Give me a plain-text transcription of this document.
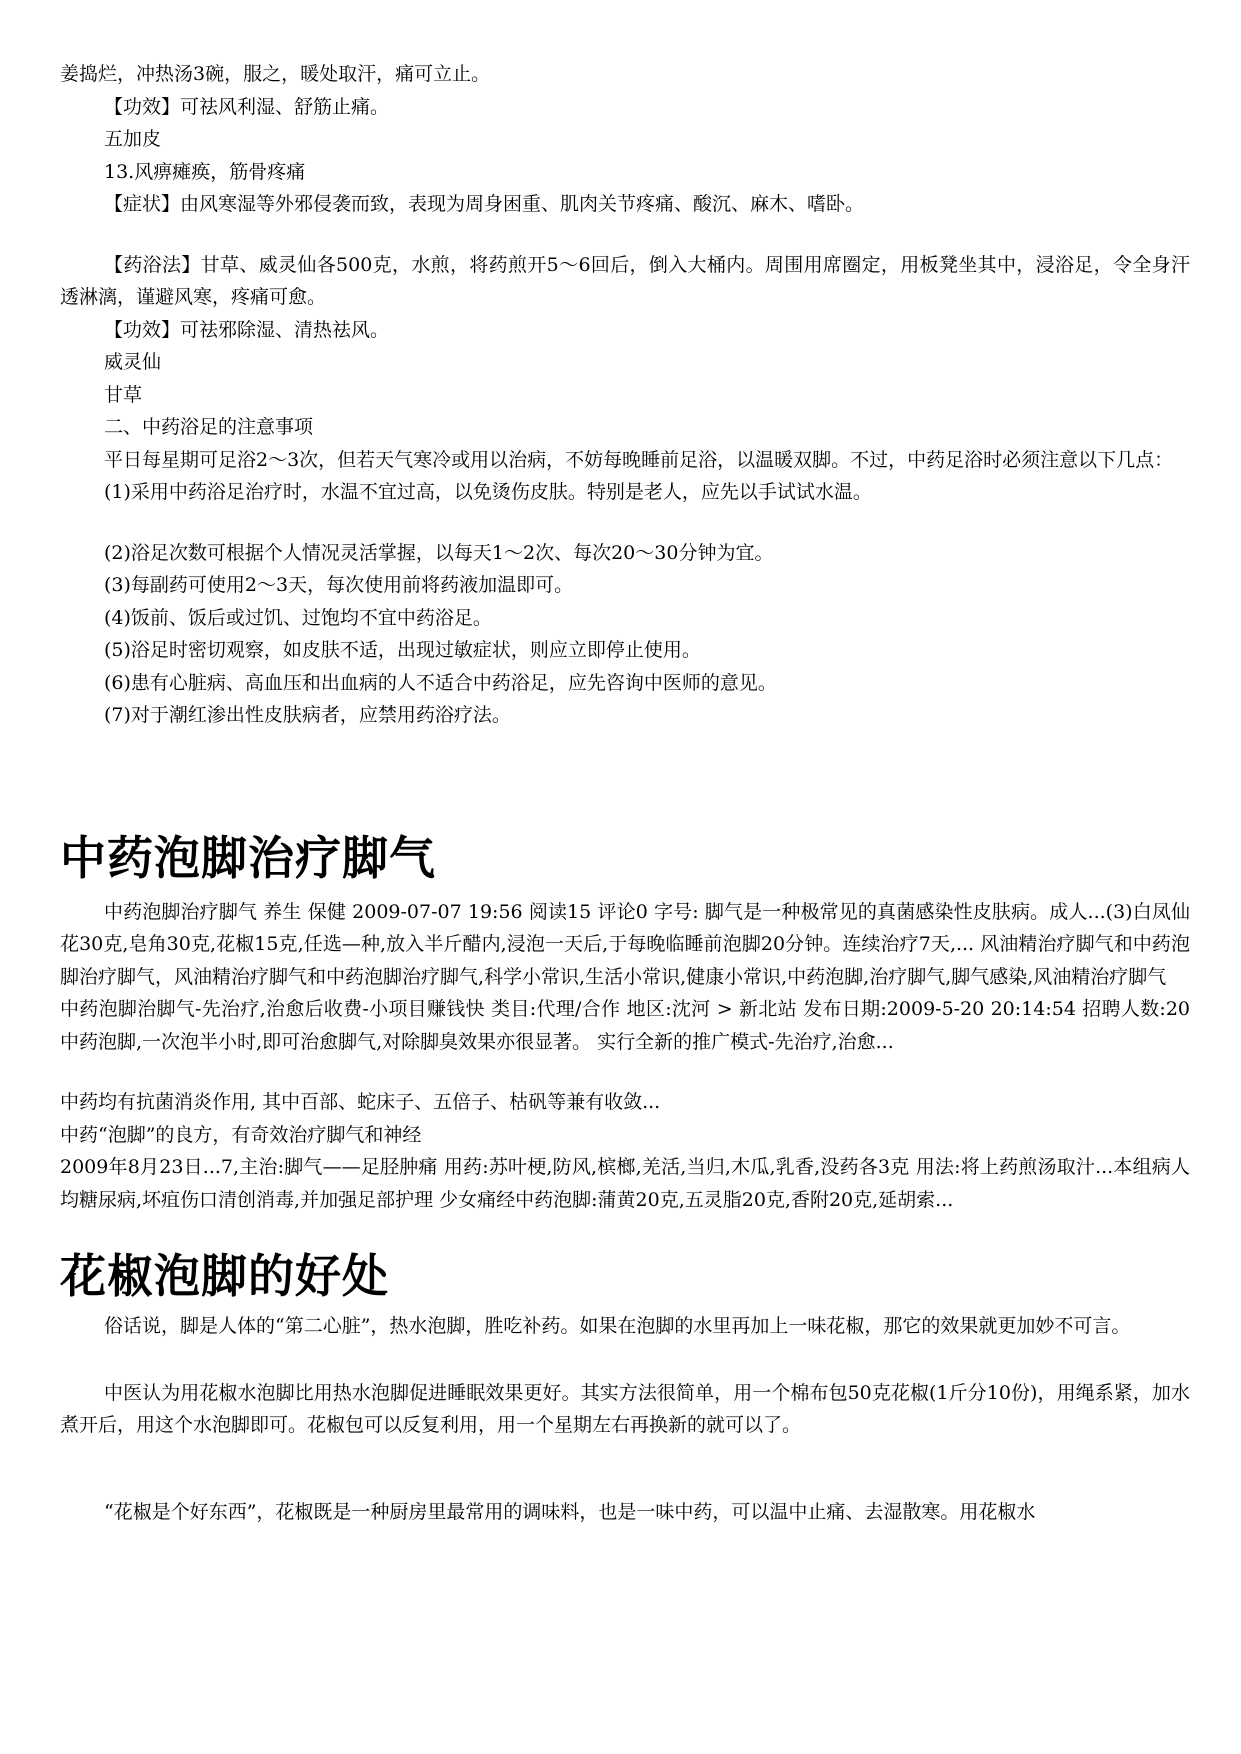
姜捣烂，冲热汤3碗，服之，暖处取汗，痛可立止。

【功效】可祛风利湿、舒筋止痛。

五加皮

13.风痹瘫痪，筋骨疼痛

【症状】由风寒湿等外邪侵袭而致，表现为周身困重、肌肉关节疼痛、酸沉、麻木、嗜卧。

【药浴法】甘草、威灵仙各500克，水煎，将药煎开5～6回后，倒入大桶内。周围用席圈定，用板凳坐其中，浸浴足，令全身汗透淋漓，谨避风寒，疼痛可愈。

【功效】可祛邪除湿、清热祛风。

威灵仙

甘草

二、中药浴足的注意事项

平日每星期可足浴2～3次，但若天气寒冷或用以治病，不妨每晚睡前足浴，以温暖双脚。不过，中药足浴时必须注意以下几点：

(1)采用中药浴足治疗时，水温不宜过高，以免烫伤皮肤。特别是老人，应先以手试试水温。

(2)浴足次数可根据个人情况灵活掌握，以每天1～2次、每次20～30分钟为宜。

(3)每副药可使用2～3天，每次使用前将药液加温即可。

(4)饭前、饭后或过饥、过饱均不宜中药浴足。

(5)浴足时密切观察，如皮肤不适，出现过敏症状，则应立即停止使用。

(6)患有心脏病、高血压和出血病的人不适合中药浴足，应先咨询中医师的意见。

(7)对于潮红渗出性皮肤病者，应禁用药浴疗法。

中药泡脚治疗脚气

中药泡脚治疗脚气 养生 保健 2009-07-07 19:56 阅读15 评论0 字号: 脚气是一种极常见的真菌感染性皮肤病。成人...(3)白凤仙花30克,皂角30克,花椒15克,任选—种,放入半斤醋内,浸泡一天后,于每晚临睡前泡脚20分钟。连续治疗7天,... 风油精治疗脚气和中药泡脚治疗脚气，风油精治疗脚气和中药泡脚治疗脚气,科学小常识,生活小常识,健康小常识,中药泡脚,治疗脚气,脚气感染,风油精治疗脚气

中药泡脚治脚气-先治疗,治愈后收费-小项目赚钱快 类目:代理/合作 地区:沈河 > 新北站 发布日期:2009-5-20 20:14:54 招聘人数:20 中药泡脚,一次泡半小时,即可治愈脚气,对除脚臭效果亦很显著。 实行全新的推广模式-先治疗,治愈...

中药均有抗菌消炎作用, 其中百部、蛇床子、五倍子、枯矾等兼有收敛...

中药“泡脚”的良方，有奇效治疗脚气和神经

2009年8月23日...7,主治:脚气——足胫肿痛 用药:苏叶梗,防风,槟榔,羌活,当归,木瓜,乳香,没药各3克 用法:将上药煎汤取汁...本组病人均糖尿病,坏疽伤口清创消毒,并加强足部护理 少女痛经中药泡脚:蒲黄20克,五灵脂20克,香附20克,延胡索...

花椒泡脚的好处

俗话说，脚是人体的“第二心脏”，热水泡脚，胜吃补药。如果在泡脚的水里再加上一味花椒，那它的效果就更加妙不可言。

中医认为用花椒水泡脚比用热水泡脚促进睡眠效果更好。其实方法很简单，用一个棉布包50克花椒(1斤分10份)，用绳系紧，加水煮开后，用这个水泡脚即可。花椒包可以反复利用，用一个星期左右再换新的就可以了。

“花椒是个好东西”，花椒既是一种厨房里最常用的调味料，也是一味中药，可以温中止痛、去湿散寒。用花椒水
